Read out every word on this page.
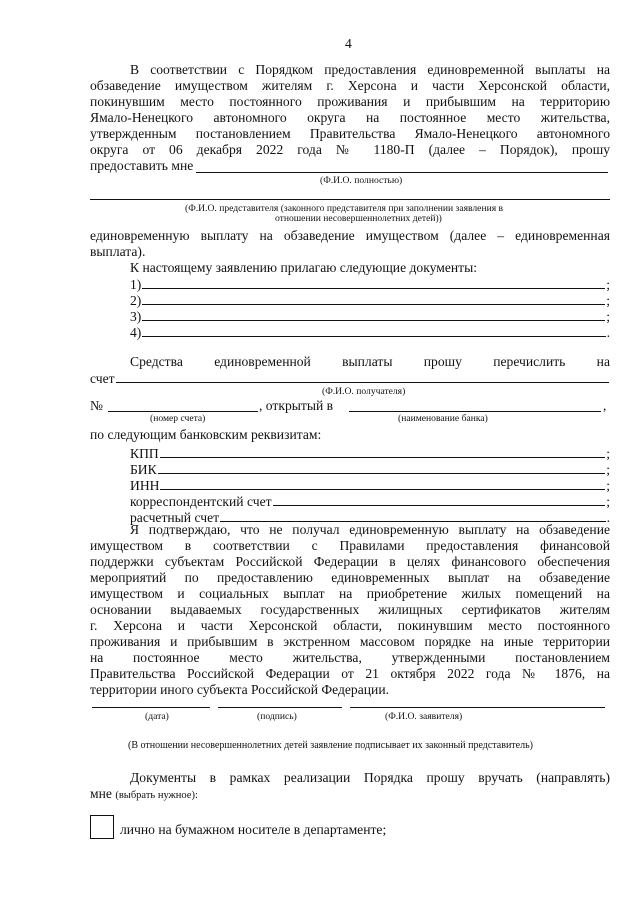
4
В соответствии с Порядком предоставления единовременной выплаты на
обзаведение имуществом жителям г. Херсона и части Херсонской области,
покинувшим место постоянного проживания и прибывшим на территорию
Ямало-Ненецкого автономного округа на постоянное место жительства,
утвержденным постановлением Правительства Ямало-Ненецкого автономного
округа от 06 декабря 2022 года № 1180-П (далее – Порядок), прошу
предоставить мне
(Ф.И.О. полностью)
(Ф.И.О. представителя (законного представителя при заполнении заявления в
отношении несовершеннолетних детей))
единовременную выплату на обзаведение имуществом (далее – единовременная
выплата).
К настоящему заявлению прилагаю следующие документы:
1)	;
2)	;
3)	;
4)	.
Средства единовременной выплаты прошу перечислить на
счет
(Ф.И.О. получателя)
№	, открытый в	,
(номер счета)	(наименование банка)
по следующим банковским реквизитам:
КПП	;
БИК	;
ИНН	;
корреспондентский счет	;
расчетный счет	.
Я подтверждаю, что не получал единовременную выплату на обзаведение
имуществом в соответствии с Правилами предоставления финансовой
поддержки субъектам Российской Федерации в целях финансового обеспечения
мероприятий по предоставлению единовременных выплат на обзаведение
имуществом и социальных выплат на приобретение жилых помещений на
основании выдаваемых государственных жилищных сертификатов жителям
г. Херсона и части Херсонской области, покинувшим место постоянного
проживания и прибывшим в экстренном массовом порядке на иные территории
на постоянное место жительства, утвержденными постановлением
Правительства Российской Федерации от 21 октября 2022 года № 1876, на
территории иного субъекта Российской Федерации.
(дата)	(подпись)	(Ф.И.О. заявителя)
(В отношении несовершеннолетних детей заявление подписывает их законный представитель)
Документы в рамках реализации Порядка прошу вручать (направлять)
мне (выбрать нужное):
лично на бумажном носителе в департаменте;
